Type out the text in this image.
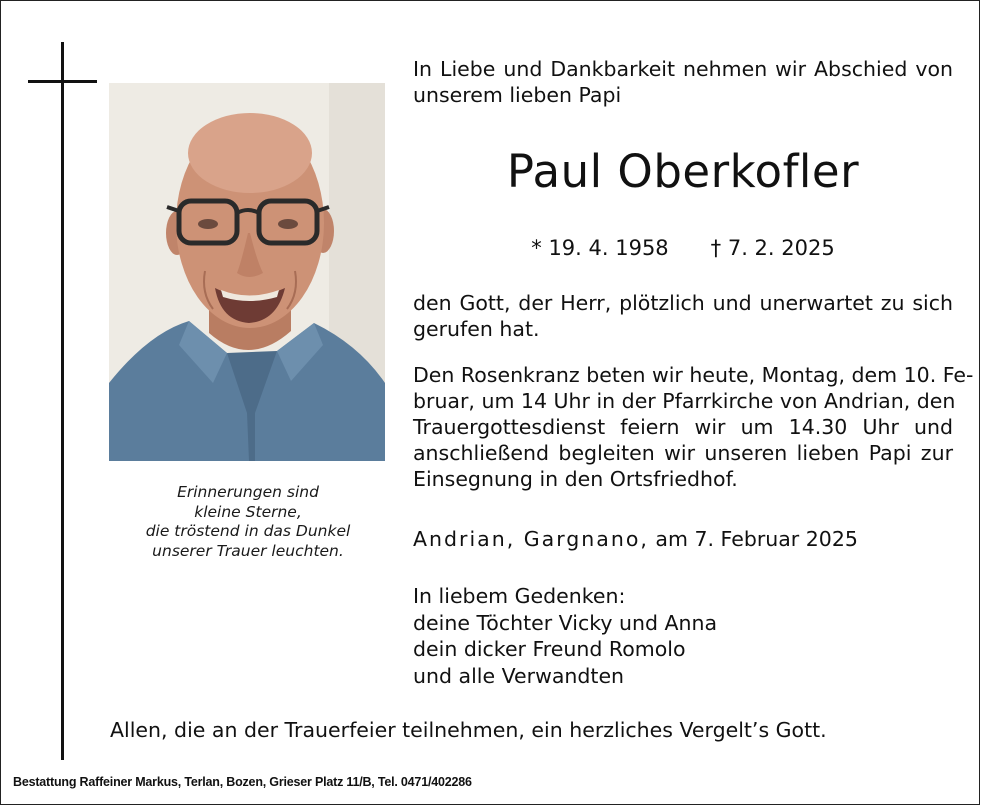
Erinnerungen sind
kleine Sterne,
die tröstend in das Dunkel
unserer Trauer leuchten.
In Liebe und Dankbarkeit nehmen wir Abschied von
unserem lieben Papi
Paul Oberkofler
* 19. 4. 1958 † 7. 2. 2025
den Gott, der Herr, plötzlich und unerwartet zu sich
gerufen hat.
Den Rosenkranz beten wir heute, Montag, dem 10. Fe-
bruar, um 14 Uhr in der Pfarrkirche von Andrian, den
Trauergottesdienst feiern wir um 14.30 Uhr und
anschließend begleiten wir unseren lieben Papi zur
Einsegnung in den Ortsfriedhof.
Andrian, Gargnano, am 7. Februar 2025
In liebem Gedenken:
deine Töchter Vicky und Anna
dein dicker Freund Romolo
und alle Verwandten
Allen, die an der Trauerfeier teilnehmen, ein herzliches Vergelt’s Gott.
Bestattung Raffeiner Markus, Terlan, Bozen, Grieser Platz 11/B, Tel. 0471/402286
